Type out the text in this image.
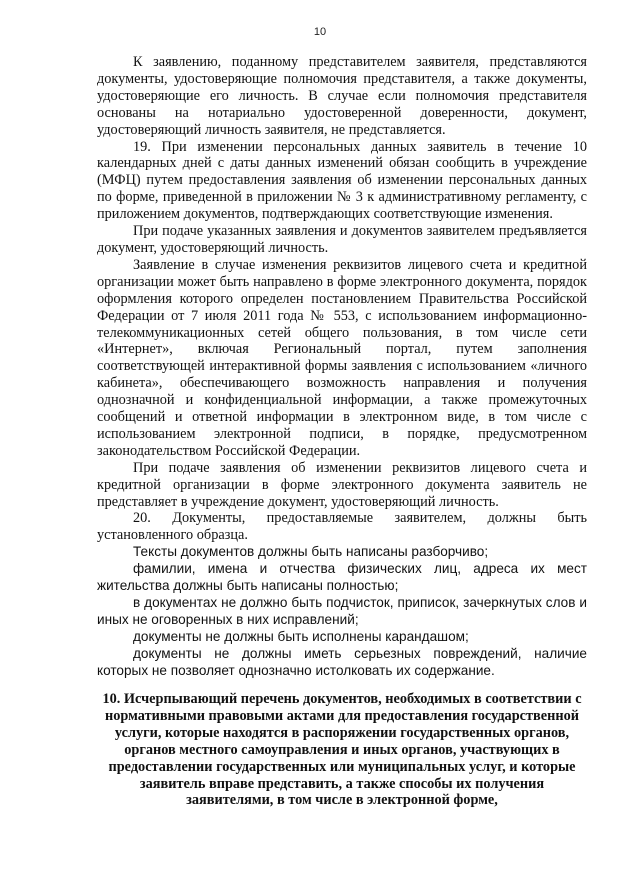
10

К заявлению, поданному представителем заявителя, представляются документы, удостоверяющие полномочия представителя, а также документы, удостоверяющие его личность. В случае если полномочия представителя основаны на нотариально удостоверенной доверенности, документ, удостоверяющий личность заявителя, не представляется.

19. При изменении персональных данных заявитель в течение 10 календарных дней с даты данных изменений обязан сообщить в учреждение (МФЦ) путем предоставления заявления об изменении персональных данных по форме, приведенной в приложении № 3 к административному регламенту, с приложением документов, подтверждающих соответствующие изменения.

При подаче указанных заявления и документов заявителем предъявляется документ, удостоверяющий личность.

Заявление в случае изменения реквизитов лицевого счета и кредитной организации может быть направлено в форме электронного документа, порядок оформления которого определен постановлением Правительства Российской Федерации от 7 июля 2011 года № 553, с использованием информационно-телекоммуникационных сетей общего пользования, в том числе сети «Интернет», включая Региональный портал, путем заполнения соответствующей интерактивной формы заявления с использованием «личного кабинета», обеспечивающего возможность направления и получения однозначной и конфиденциальной информации, а также промежуточных сообщений и ответной информации в электронном виде, в том числе с использованием электронной подписи, в порядке, предусмотренном законодательством Российской Федерации.

При подаче заявления об изменении реквизитов лицевого счета и кредитной организации в форме электронного документа заявитель не представляет в учреждение документ, удостоверяющий личность.

20. Документы, предоставляемые заявителем, должны быть установленного образца.

Тексты документов должны быть написаны разборчиво;

фамилии, имена и отчества физических лиц, адреса их мест жительства должны быть написаны полностью;

в документах не должно быть подчисток, приписок, зачеркнутых слов и иных не оговоренных в них исправлений;

документы не должны быть исполнены карандашом;

документы не должны иметь серьезных повреждений, наличие которых не позволяет однозначно истолковать их содержание.

10. Исчерпывающий перечень документов, необходимых в соответствии с нормативными правовыми актами для предоставления государственной услуги, которые находятся в распоряжении государственных органов, органов местного самоуправления и иных органов, участвующих в предоставлении государственных или муниципальных услуг, и которые заявитель вправе представить, а также способы их получения заявителями, в том числе в электронной форме,
